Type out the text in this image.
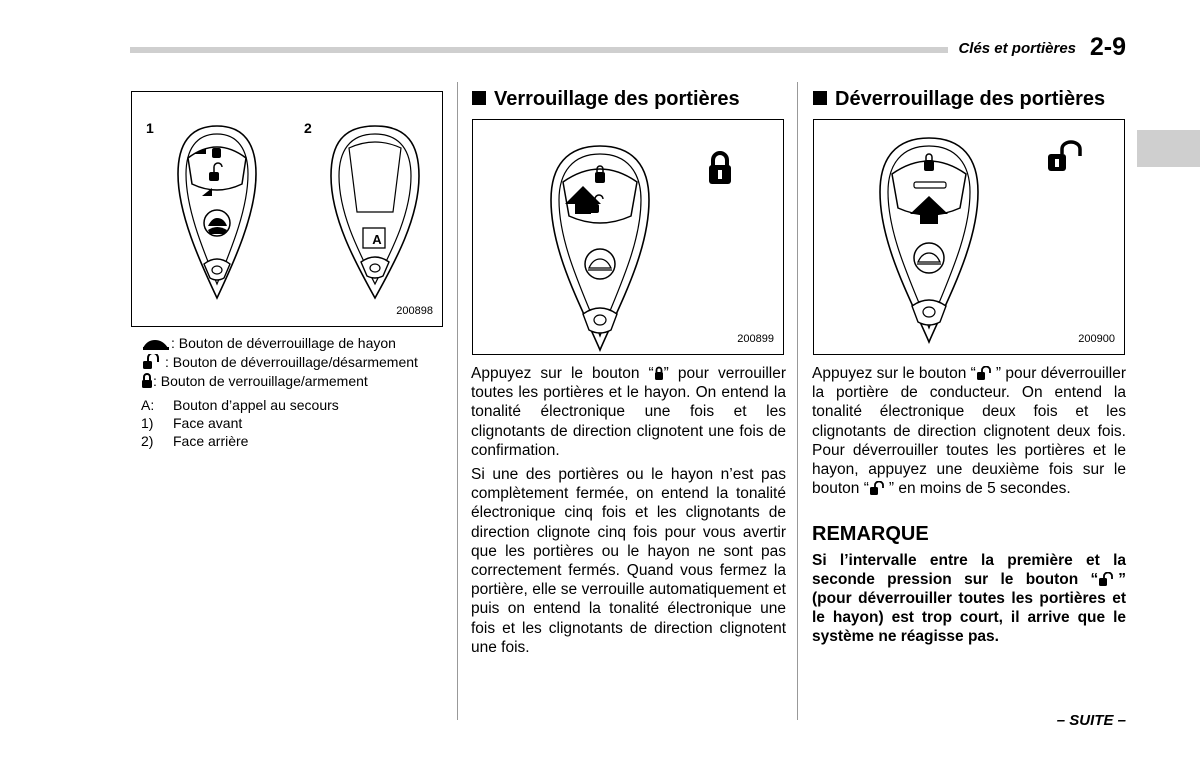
Clés et portières 2-9
1	2
A
200898
: Bouton de déverrouillage de hayon
: Bouton de déverrouillage/désarmement
: Bouton de verrouillage/armement
A: Bouton d’appel au secours
1) Face avant
2) Face arrière
Verrouillage des portières
200899

Appuyez sur le bouton “ ” pour verrouiller toutes les portières et le hayon. On entend la tonalité électronique une fois et les clignotants de direction clignotent une fois de confirmation.

Si une des portières ou le hayon n’est pas complètement fermée, on entend la tonalité électronique cinq fois et les clignotants de direction clignote cinq fois pour vous avertir que les portières ou le hayon ne sont pas correctement fermés. Quand vous fermez la portière, elle se verrouille automatiquement et puis on entend la tonalité électronique une fois et les clignotants de direction clignotent une fois.

Déverrouillage des portières
200900

Appuyez sur le bouton “ ” pour déverrouiller la portière de conducteur. On entend la tonalité électronique deux fois et les clignotants de direction clignotent deux fois. Pour déverrouiller toutes les portières et le hayon, appuyez une deuxième fois sur le bouton “ ” en moins de 5 secondes.

REMARQUE

Si l’intervalle entre la première et la seconde pression sur le bouton “ ” (pour déverrouiller toutes les portières et le hayon) est trop court, il arrive que le système ne réagisse pas.

– SUITE –
